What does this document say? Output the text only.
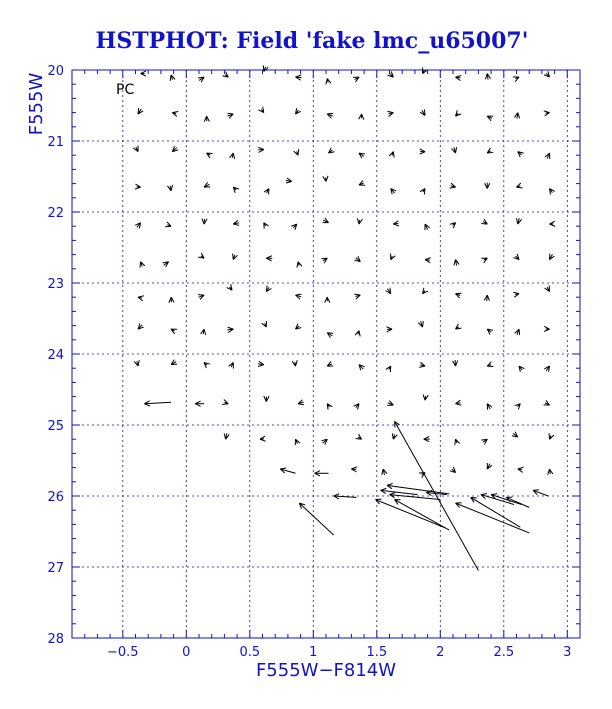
HSTPHOT: Field 'fake lmc_u65007'
−0.5	0	0.5	1	1.5	2	2.5	3
20
21
22
23
24
25
26
27
28
PC
F555W−F814W
F555W
